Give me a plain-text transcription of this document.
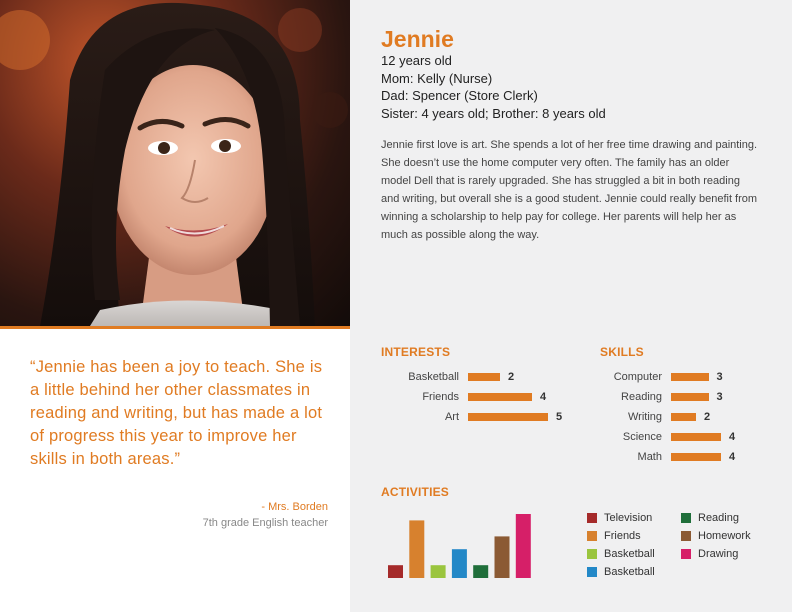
“Jennie has been a joy to teach. She is a little behind her other classmates in reading and writing, but has made a lot of progress this year to improve her skills in both areas.”

- Mrs. Borden
7th grade English teacher
Jennie
12 years old
Mom: Kelly (Nurse)
Dad: Spencer (Store Clerk)
Sister: 4 years old; Brother: 8 years old

Jennie first love is art. She spends a lot of her free time drawing and painting. She doesn’t use the home computer very often. The family has an older model Dell that is rarely upgraded. She has struggled a bit in both reading and writing, but overall she is a good student. Jennie could really benefit from winning a scholarship to help pay for college. Her parents will help her as much as possible along the way.

INTERESTS
Basketball	2
Friends	4
Art	5
SKILLS
Computer	3
Reading	3
Writing	2
Science	4
Math	4
ACTIVITIES
Television
Friends
Basketball
Basketball
Reading
Homework
Drawing
